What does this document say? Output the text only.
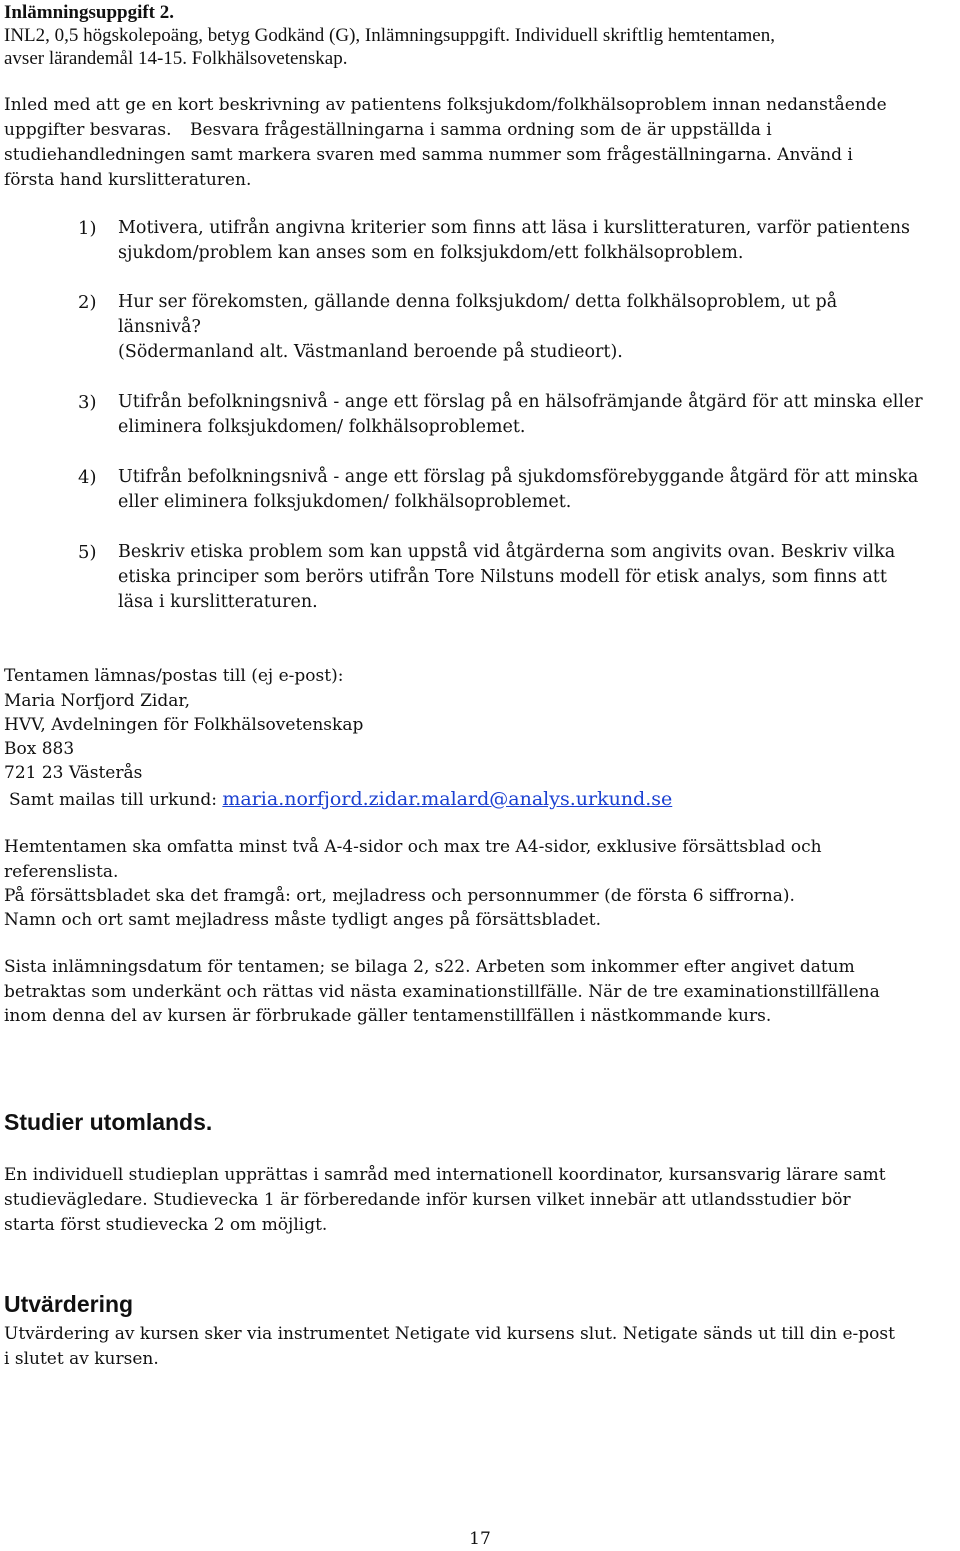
Inlämningsuppgift 2.
INL2, 0,5 högskolepoäng, betyg Godkänd (G), Inlämningsuppgift. Individuell skriftlig hemtentamen,
avser lärandemål 14-15. Folkhälsovetenskap.
Inled med att ge en kort beskrivning av patientens folksjukdom/folkhälsoproblem innan nedanstående
uppgifter besvaras. Besvara frågeställningarna i samma ordning som de är uppställda i
studiehandledningen samt markera svaren med samma nummer som frågeställningarna. Använd i
första hand kurslitteraturen.
1) Motivera, utifrån angivna kriterier som finns att läsa i kurslitteraturen, varför patientens
sjukdom/problem kan anses som en folksjukdom/ett folkhälsoproblem.
2) Hur ser förekomsten, gällande denna folksjukdom/ detta folkhälsoproblem, ut på
länsnivå?
(Södermanland alt. Västmanland beroende på studieort).
3) Utifrån befolkningsnivå - ange ett förslag på en hälsofrämjande åtgärd för att minska eller
eliminera folksjukdomen/ folkhälsoproblemet.
4) Utifrån befolkningsnivå - ange ett förslag på sjukdomsförebyggande åtgärd för att minska
eller eliminera folksjukdomen/ folkhälsoproblemet.
5) Beskriv etiska problem som kan uppstå vid åtgärderna som angivits ovan. Beskriv vilka
etiska principer som berörs utifrån Tore Nilstuns modell för etisk analys, som finns att
läsa i kurslitteraturen.
Tentamen lämnas/postas till (ej e-post):
Maria Norfjord Zidar,
HVV, Avdelningen för Folkhälsovetenskap
Box 883
721 23 Västerås
Samt mailas till urkund: maria.norfjord.zidar.malard@analys.urkund.se
Hemtentamen ska omfatta minst två A-4-sidor och max tre A4-sidor, exklusive försättsblad och
referenslista.
På försättsbladet ska det framgå: ort, mejladress och personnummer (de första 6 siffrorna).
Namn och ort samt mejladress måste tydligt anges på försättsbladet.
Sista inlämningsdatum för tentamen; se bilaga 2, s22. Arbeten som inkommer efter angivet datum
betraktas som underkänt och rättas vid nästa examinationstillfälle. När de tre examinationstillfällena
inom denna del av kursen är förbrukade gäller tentamenstillfällen i nästkommande kurs.
Studier utomlands.
En individuell studieplan upprättas i samråd med internationell koordinator, kursansvarig lärare samt
studievägledare. Studievecka 1 är förberedande inför kursen vilket innebär att utlandsstudier bör
starta först studievecka 2 om möjligt.
Utvärdering
Utvärdering av kursen sker via instrumentet Netigate vid kursens slut. Netigate sänds ut till din e-post
i slutet av kursen.
17
